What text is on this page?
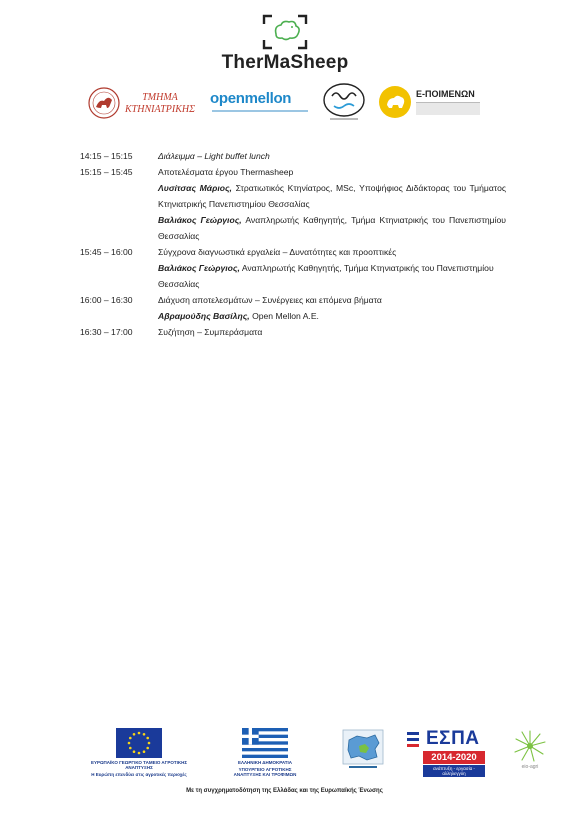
TherMaSheep
ΤΜΗΜΑ
ΚΤΗΝΙΑΤΡΙΚΗΣ
openmellon	Ε-ΠΟΙΜΕΝΩΝ
14:15 – 15:15	Διάλειμμα – Light buffet lunch
15:15 – 15:45	Αποτελέσματα έργου Thermasheep
Λυσίτσας Μάριος, Στρατιωτικός Κτηνίατρος, MSc, Υποψήφιος Διδάκτορας του Τμήματος Κτηνιατρικής Πανεπιστημίου Θεσσαλίας
Βαλιάκος Γεώργιος, Αναπληρωτής Καθηγητής, Τμήμα Κτηνιατρικής του Πανεπιστημίου Θεσσαλίας
15:45 – 16:00	Σύγχρονα διαγνωστικά εργαλεία – Δυνατότητες και προοπτικές
Βαλιάκος Γεώργιος, Αναπληρωτής Καθηγητής, Τμήμα Κτηνιατρικής του Πανεπιστημίου Θεσσαλίας
16:00 – 16:30	Διάχυση αποτελεσμάτων – Συνέργειες και επόμενα βήματα
Αβραμούδης Βασίλης, Open Mellon A.E.
16:30 – 17:00	Συζήτηση – Συμπεράσματα
ΕΥΡΩΠΑΪΚΟ ΓΕΩΡΓΙΚΟ ΤΑΜΕΙΟ ΑΓΡΟΤΙΚΗΣ ΑΝΑΠΤΥΞΗΣ
Η Ευρώπη επενδύει στις αγροτικές περιοχές
ΕΛΛΗΝΙΚΗ ΔΗΜΟΚΡΑΤΙΑ
ΥΠΟΥΡΓΕΙΟ ΑΓΡΟΤΙΚΗΣ ΑΝΑΠΤΥΞΗΣ ΚΑΙ ΤΡΟΦΙΜΩΝ
ΕΣΠΑ
2014-2020
ανάπτυξη - εργασία - αλληλεγγύη
eio-agri
Με τη συγχρηματοδότηση της Ελλάδας και της Ευρωπαϊκής Ένωσης
